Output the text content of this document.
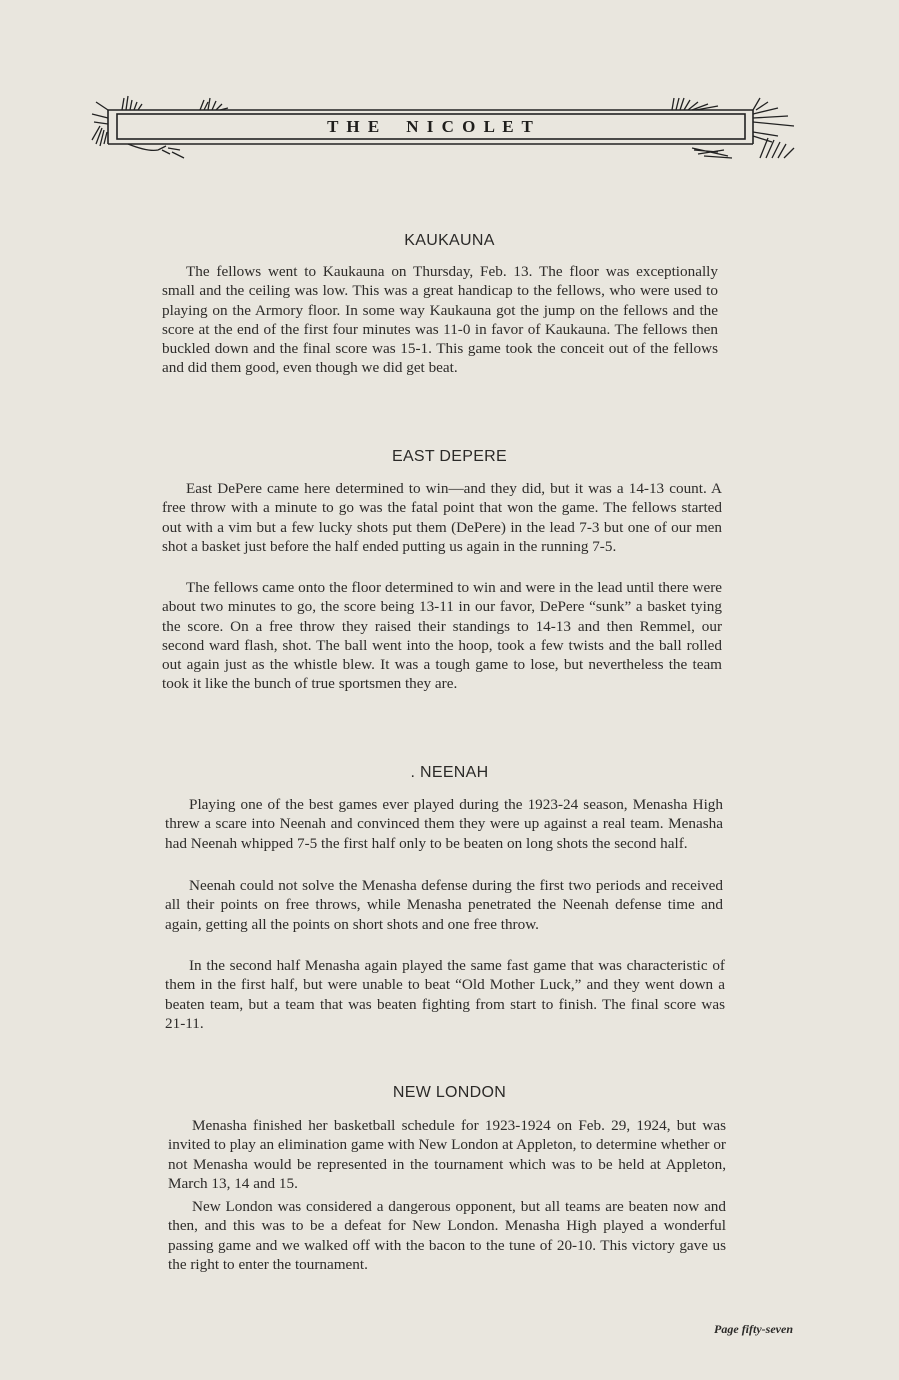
T H E    N I C O L E T
KAUKAUNA

The fellows went to Kaukauna on Thursday, Feb. 13. The floor was exceptionally small and the ceiling was low. This was a great handicap to the fellows, who were used to playing on the Armory floor. In some way Kaukauna got the jump on the fellows and the score at the end of the first four minutes was 11-0 in favor of Kaukauna. The fellows then buckled down and the final score was 15-1. This game took the conceit out of the fellows and did them good, even though we did get beat.

EAST DEPERE

East DePere came here determined to win—and they did, but it was a 14-13 count. A free throw with a minute to go was the fatal point that won the game. The fellows started out with a vim but a few lucky shots put them (DePere) in the lead 7-3 but one of our men shot a basket just before the half ended putting us again in the running 7-5.

The fellows came onto the floor determined to win and were in the lead until there were about two minutes to go, the score being 13-11 in our favor, DePere “sunk” a basket tying the score. On a free throw they raised their standings to 14-13 and then Remmel, our second ward flash, shot. The ball went into the hoop, took a few twists and the ball rolled out again just as the whistle blew. It was a tough game to lose, but nevertheless the team took it like the bunch of true sportsmen they are.

. NEENAH

Playing one of the best games ever played during the 1923-24 season, Menasha High threw a scare into Neenah and convinced them they were up against a real team. Menasha had Neenah whipped 7-5 the first half only to be beaten on long shots the second half.

Neenah could not solve the Menasha defense during the first two periods and received all their points on free throws, while Menasha penetrated the Neenah defense time and again, getting all the points on short shots and one free throw.

In the second half Menasha again played the same fast game that was characteristic of them in the first half, but were unable to beat “Old Mother Luck,” and they went down a beaten team, but a team that was beaten fighting from start to finish. The final score was 21-11.

NEW LONDON

Menasha finished her basketball schedule for 1923-1924 on Feb. 29, 1924, but was invited to play an elimination game with New London at Appleton, to determine whether or not Menasha would be represented in the tournament which was to be held at Appleton, March 13, 14 and 15.

New London was considered a dangerous opponent, but all teams are beaten now and then, and this was to be a defeat for New London. Menasha High played a wonderful passing game and we walked off with the bacon to the tune of 20-10. This victory gave us the right to enter the tournament.

Page fifty-seven
